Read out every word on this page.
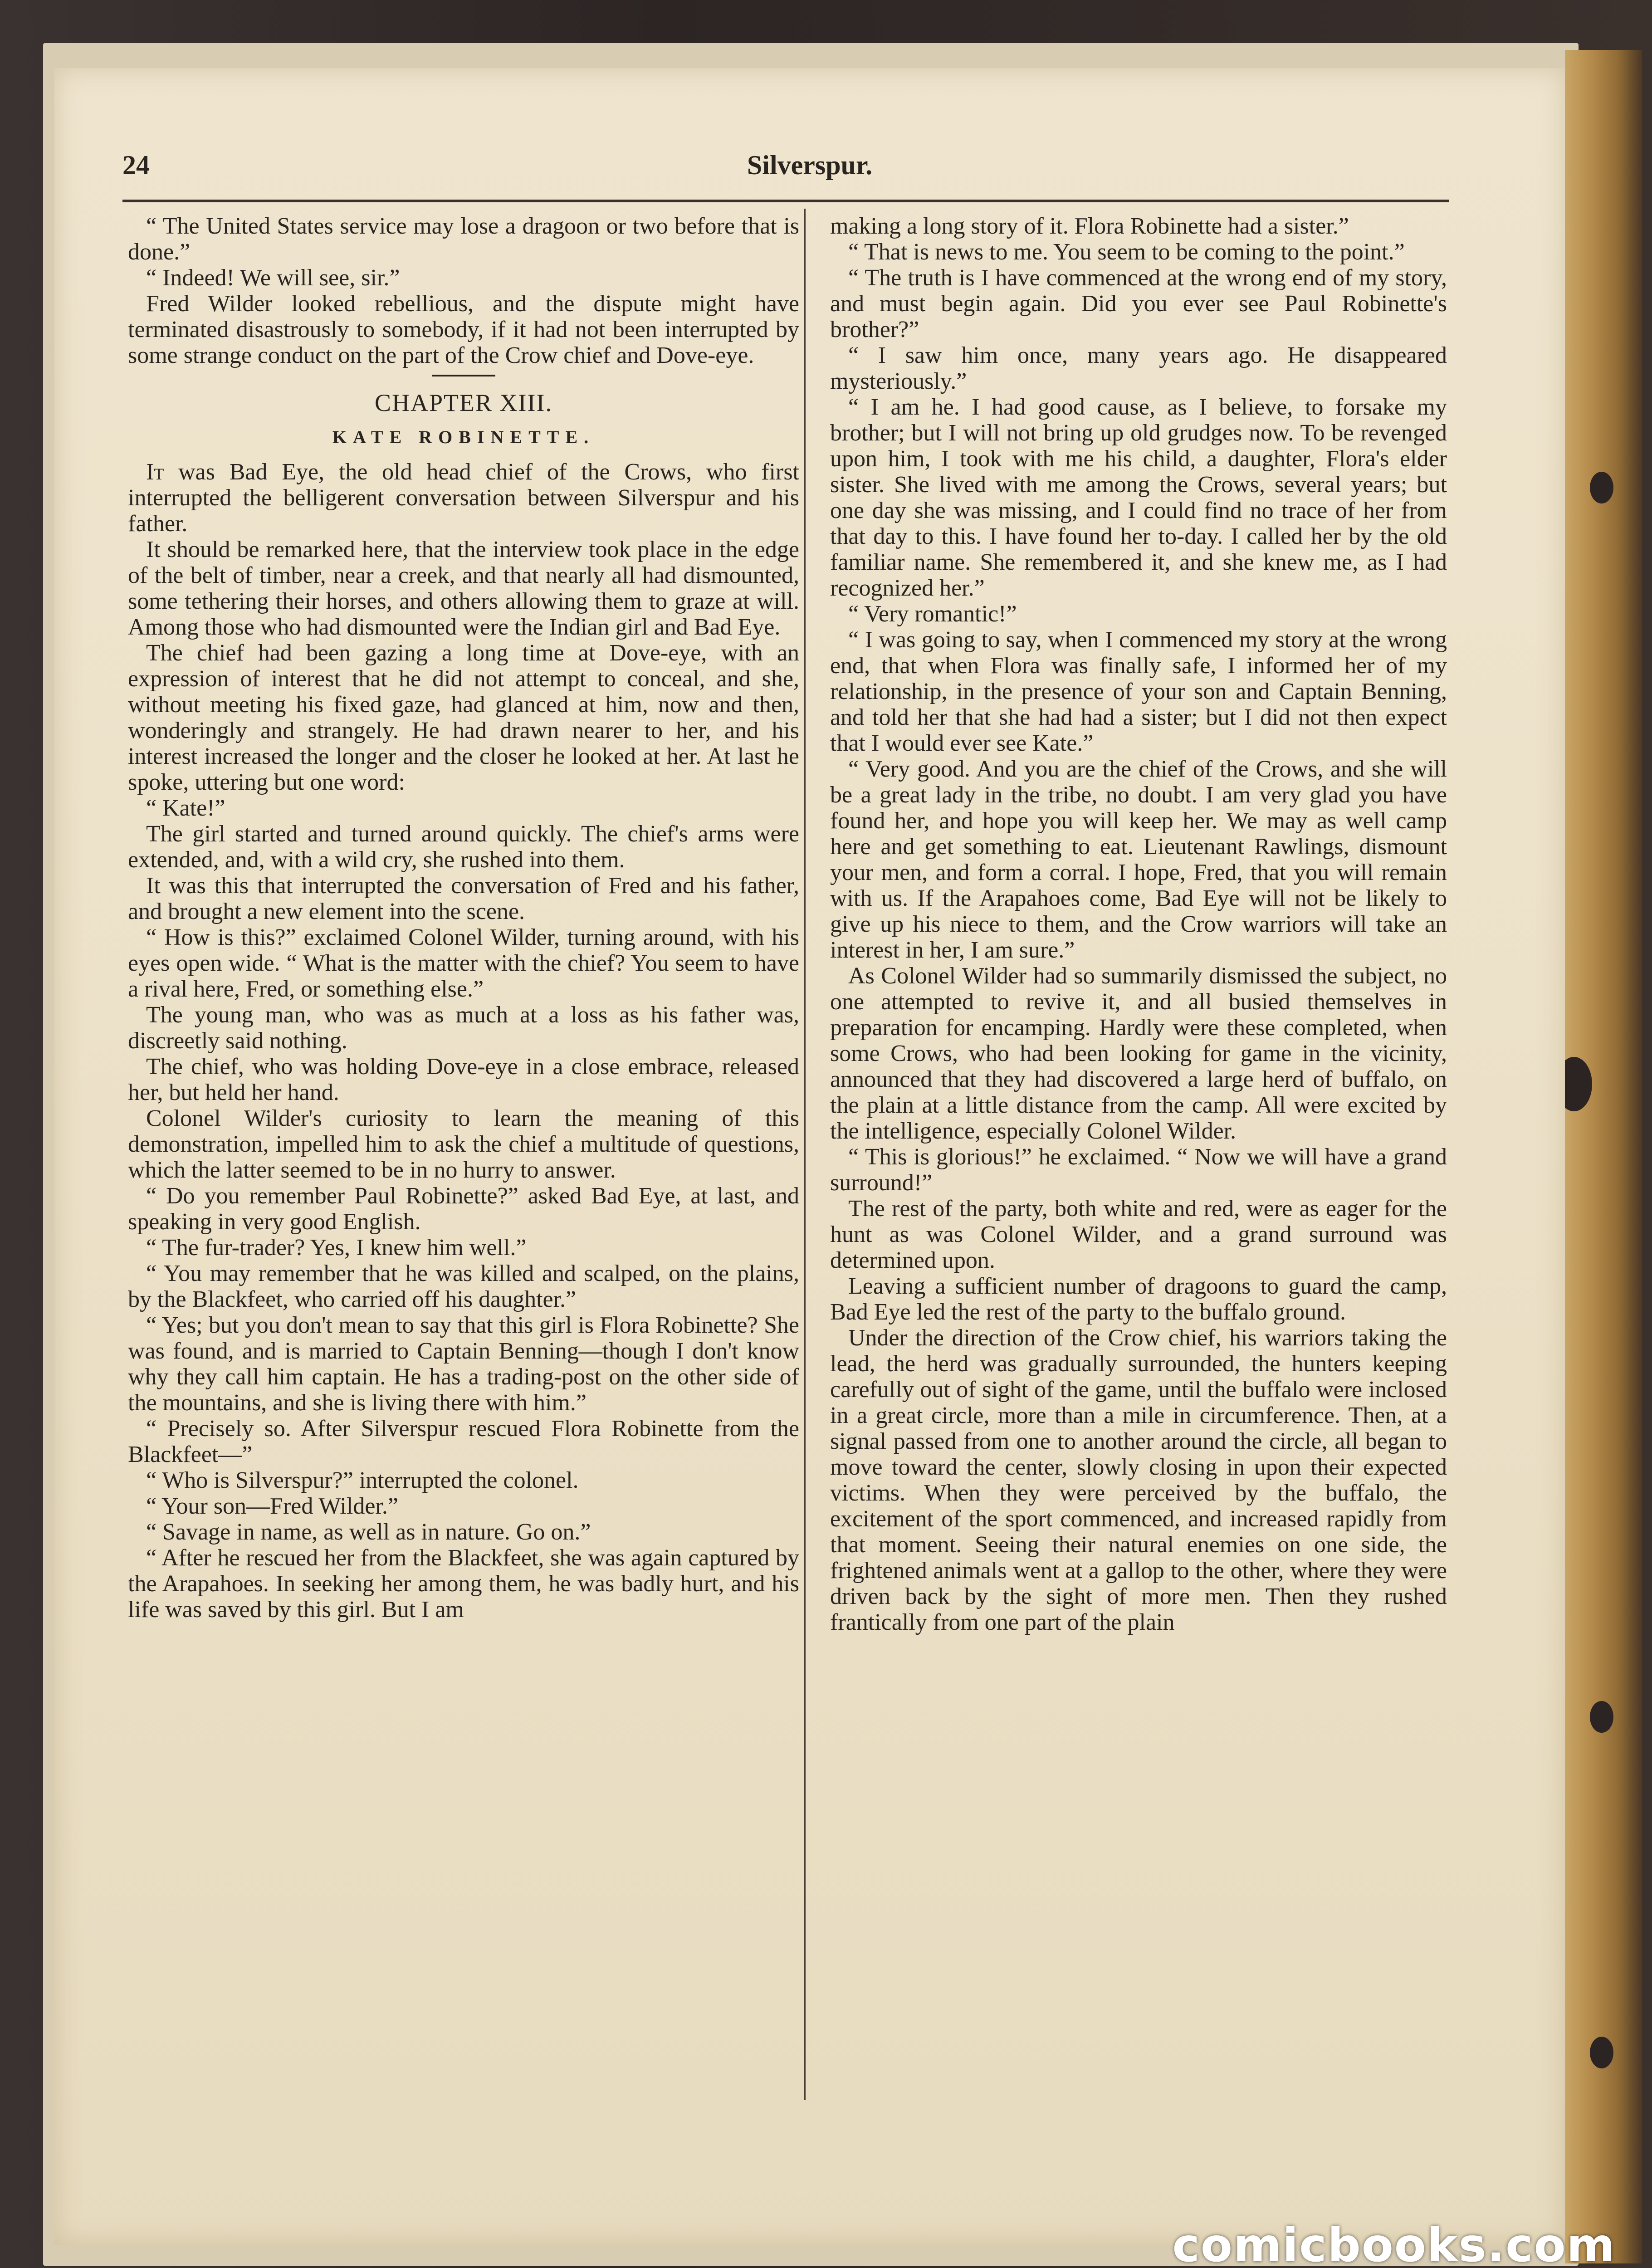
24	Silverspur.

“ The United States service may lose a dragoon or two before that is done.”

“ Indeed! We will see, sir.”

Fred Wilder looked rebellious, and the dispute might have terminated disastrously to somebody, if it had not been interrupted by some strange conduct on the part of the Crow chief and Dove-eye.

CHAPTER XIII.
KATE ROBINETTE.

It was Bad Eye, the old head chief of the Crows, who first interrupted the belligerent conversation between Silverspur and his father.

It should be remarked here, that the interview took place in the edge of the belt of timber, near a creek, and that nearly all had dismounted, some tethering their horses, and others allowing them to graze at will. Among those who had dismounted were the Indian girl and Bad Eye.

The chief had been gazing a long time at Dove-eye, with an expression of interest that he did not attempt to conceal, and she, without meeting his fixed gaze, had glanced at him, now and then, wonderingly and strangely. He had drawn nearer to her, and his interest increased the longer and the closer he looked at her. At last he spoke, uttering but one word:

“ Kate!”

The girl started and turned around quickly. The chief's arms were extended, and, with a wild cry, she rushed into them.

It was this that interrupted the conversation of Fred and his father, and brought a new element into the scene.

“ How is this?” exclaimed Colonel Wilder, turning around, with his eyes open wide. “ What is the matter with the chief? You seem to have a rival here, Fred, or something else.”

The young man, who was as much at a loss as his father was, discreetly said nothing.

The chief, who was holding Dove-eye in a close embrace, released her, but held her hand.

Colonel Wilder's curiosity to learn the meaning of this demonstration, impelled him to ask the chief a multitude of questions, which the latter seemed to be in no hurry to answer.

“ Do you remember Paul Robinette?” asked Bad Eye, at last, and speaking in very good English.

“ The fur-trader? Yes, I knew him well.”

“ You may remember that he was killed and scalped, on the plains, by the Blackfeet, who carried off his daughter.”

“ Yes; but you don't mean to say that this girl is Flora Robinette? She was found, and is married to Captain Benning—though I don't know why they call him captain. He has a trading-post on the other side of the mountains, and she is living there with him.”

“ Precisely so. After Silverspur rescued Flora Robinette from the Blackfeet—”

“ Who is Silverspur?” interrupted the colonel.

“ Your son—Fred Wilder.”

“ Savage in name, as well as in nature. Go on.”

“ After he rescued her from the Blackfeet, she was again captured by the Arapahoes. In seeking her among them, he was badly hurt, and his life was saved by this girl. But I am

making a long story of it. Flora Robinette had a sister.”

“ That is news to me. You seem to be coming to the point.”

“ The truth is I have commenced at the wrong end of my story, and must begin again. Did you ever see Paul Robinette's brother?”

“ I saw him once, many years ago. He disappeared mysteriously.”

“ I am he. I had good cause, as I believe, to forsake my brother; but I will not bring up old grudges now. To be revenged upon him, I took with me his child, a daughter, Flora's elder sister. She lived with me among the Crows, several years; but one day she was missing, and I could find no trace of her from that day to this. I have found her to-day. I called her by the old familiar name. She remembered it, and she knew me, as I had recognized her.”

“ Very romantic!”

“ I was going to say, when I commenced my story at the wrong end, that when Flora was finally safe, I informed her of my relationship, in the presence of your son and Captain Benning, and told her that she had had a sister; but I did not then expect that I would ever see Kate.”

“ Very good. And you are the chief of the Crows, and she will be a great lady in the tribe, no doubt. I am very glad you have found her, and hope you will keep her. We may as well camp here and get something to eat. Lieutenant Rawlings, dismount your men, and form a corral. I hope, Fred, that you will remain with us. If the Arapahoes come, Bad Eye will not be likely to give up his niece to them, and the Crow warriors will take an interest in her, I am sure.”

As Colonel Wilder had so summarily dismissed the subject, no one attempted to revive it, and all busied themselves in preparation for encamping. Hardly were these completed, when some Crows, who had been looking for game in the vicinity, announced that they had discovered a large herd of buffalo, on the plain at a little distance from the camp. All were excited by the intelligence, especially Colonel Wilder.

“ This is glorious!” he exclaimed. “ Now we will have a grand surround!”

The rest of the party, both white and red, were as eager for the hunt as was Colonel Wilder, and a grand surround was determined upon.

Leaving a sufficient number of dragoons to guard the camp, Bad Eye led the rest of the party to the buffalo ground.

Under the direction of the Crow chief, his warriors taking the lead, the herd was gradually surrounded, the hunters keeping carefully out of sight of the game, until the buffalo were inclosed in a great circle, more than a mile in circumference. Then, at a signal passed from one to another around the circle, all began to move toward the center, slowly closing in upon their expected victims. When they were perceived by the buffalo, the excitement of the sport commenced, and increased rapidly from that moment. Seeing their natural enemies on one side, the frightened animals went at a gallop to the other, where they were driven back by the sight of more men. Then they rushed frantically from one part of the plain

comicbooks.com
